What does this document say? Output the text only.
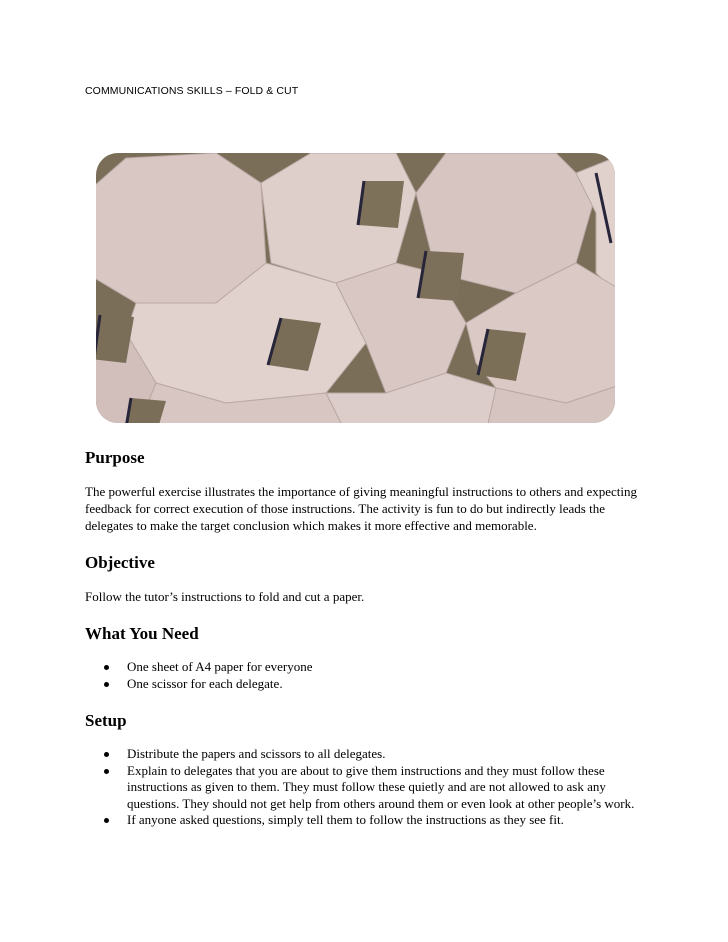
COMMUNICATIONS SKILLS – FOLD & CUT
Purpose

The powerful exercise illustrates the importance of giving meaningful instructions to others and expecting feedback for correct execution of those instructions. The activity is fun to do but indirectly leads the delegates to make the target conclusion which makes it more effective and memorable.

Objective

Follow the tutor’s instructions to fold and cut a paper.

What You Need
One sheet of A4 paper for everyone
One scissor for each delegate.
Setup
Distribute the papers and scissors to all delegates.
Explain to delegates that you are about to give them instructions and they must follow these instructions as given to them. They must follow these quietly and are not allowed to ask any questions. They should not get help from others around them or even look at other people’s work.
If anyone asked questions, simply tell them to follow the instructions as they see fit.
